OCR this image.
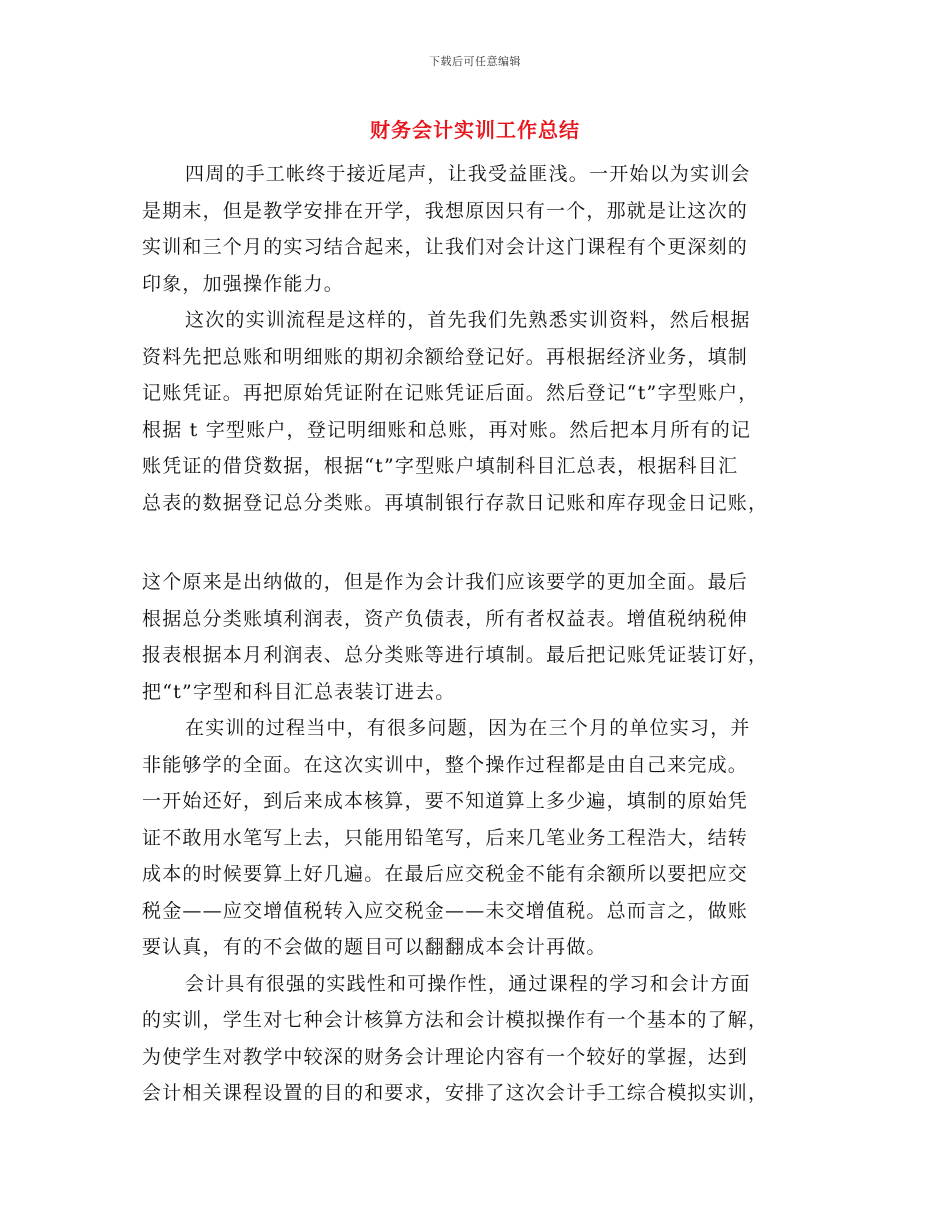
下载后可任意编辑
财务会计实训工作总结
四周的手工帐终于接近尾声，让我受益匪浅。一开始以为实训会
是期末，但是教学安排在开学，我想原因只有一个，那就是让这次的
实训和三个月的实习结合起来，让我们对会计这门课程有个更深刻的
印象，加强操作能力。
这次的实训流程是这样的，首先我们先熟悉实训资料，然后根据
资料先把总账和明细账的期初余额给登记好。再根据经济业务，填制
记账凭证。再把原始凭证附在记账凭证后面。然后登记“t”字型账户，
根据 t 字型账户，登记明细账和总账，再对账。然后把本月所有的记
账凭证的借贷数据，根据“t”字型账户填制科目汇总表，根据科目汇
总表的数据登记总分类账。再填制银行存款日记账和库存现金日记账，
这个原来是出纳做的，但是作为会计我们应该要学的更加全面。最后
根据总分类账填利润表，资产负债表，所有者权益表。增值税纳税伸
报表根据本月利润表、总分类账等进行填制。最后把记账凭证装订好，
把“t”字型和科目汇总表装订进去。
在实训的过程当中，有很多问题，因为在三个月的单位实习，并
非能够学的全面。在这次实训中，整个操作过程都是由自己来完成。
一开始还好，到后来成本核算，要不知道算上多少遍，填制的原始凭
证不敢用水笔写上去，只能用铅笔写，后来几笔业务工程浩大，结转
成本的时候要算上好几遍。在最后应交税金不能有余额所以要把应交
税金——应交增值税转入应交税金——未交增值税。总而言之，做账
要认真，有的不会做的题目可以翻翻成本会计再做。
会计具有很强的实践性和可操作性，通过课程的学习和会计方面
的实训，学生对七种会计核算方法和会计模拟操作有一个基本的了解，
为使学生对教学中较深的财务会计理论内容有一个较好的掌握，达到
会计相关课程设置的目的和要求，安排了这次会计手工综合模拟实训，
